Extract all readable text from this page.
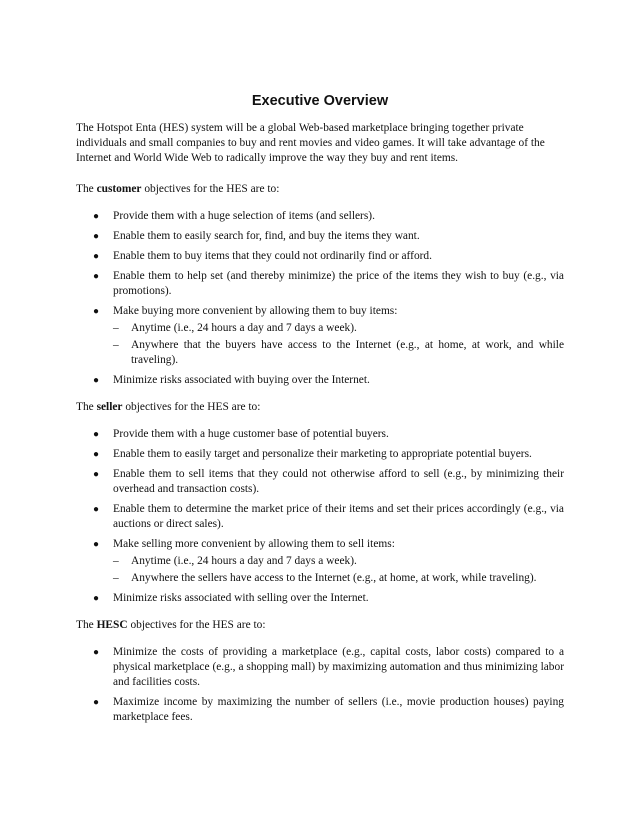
Executive Overview

The Hotspot Enta (HES) system will be a global Web-based marketplace bringing together private individuals and small companies to buy and rent movies and video games. It will take advantage of the Internet and World Wide Web to radically improve the way they buy and rent items.

The customer objectives for the HES are to:

● Provide them with a huge selection of items (and sellers).
● Enable them to easily search for, find, and buy the items they want.
● Enable them to buy items that they could not ordinarily find or afford.
● Enable them to help set (and thereby minimize) the price of the items they wish to buy (e.g., via promotions).
● Make buying more convenient by allowing them to buy items:
– Anytime (i.e., 24 hours a day and 7 days a week).
– Anywhere that the buyers have access to the Internet (e.g., at home, at work, and while traveling).
● Minimize risks associated with buying over the Internet.

The seller objectives for the HES are to:

● Provide them with a huge customer base of potential buyers.
● Enable them to easily target and personalize their marketing to appropriate potential buyers.
● Enable them to sell items that they could not otherwise afford to sell (e.g., by minimizing their overhead and transaction costs).
● Enable them to determine the market price of their items and set their prices accordingly (e.g., via auctions or direct sales).
● Make selling more convenient by allowing them to sell items:
– Anytime (i.e., 24 hours a day and 7 days a week).
– Anywhere the sellers have access to the Internet (e.g., at home, at work, while traveling).
● Minimize risks associated with selling over the Internet.

The HESC objectives for the HES are to:

● Minimize the costs of providing a marketplace (e.g., capital costs, labor costs) compared to a physical marketplace (e.g., a shopping mall) by maximizing automation and thus minimizing labor and facilities costs.
● Maximize income by maximizing the number of sellers (i.e., movie production houses) paying marketplace fees.
